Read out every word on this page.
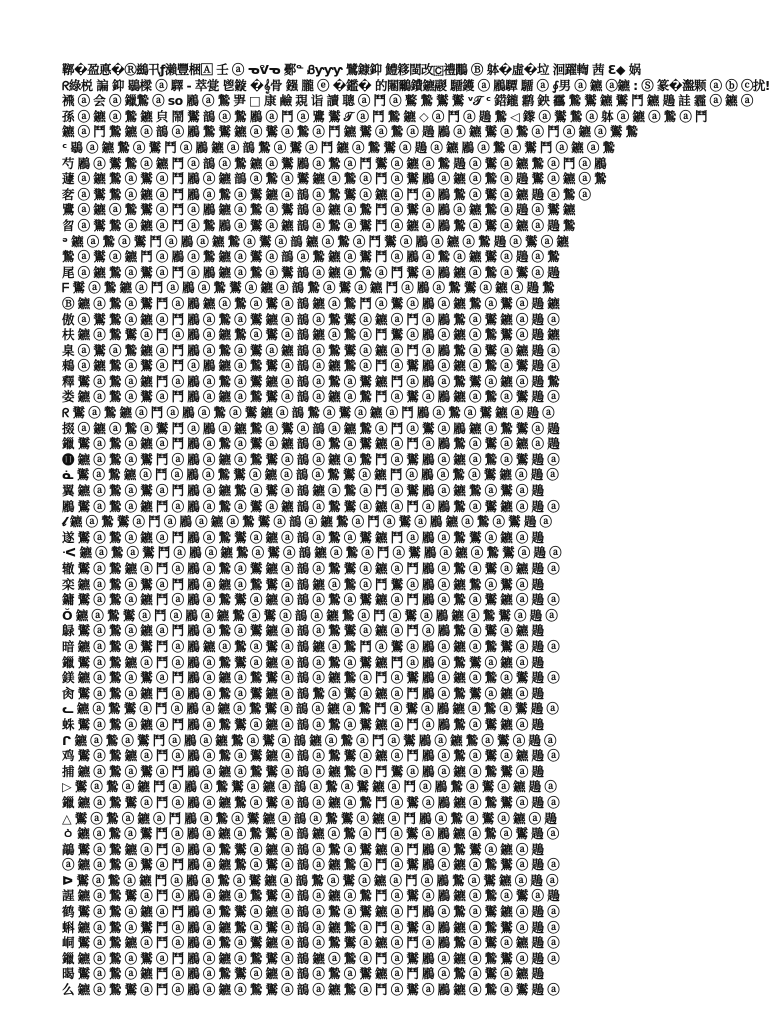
鞹�盈悳�Ⓡ鷀卂ƒ瀨豐梱🄰 壬 ⓐ ᓀᕓᓀ 鄾ᓐ Ᏸƴƴƴ 鷺鏮䤝 鱧簃閩改🇨禮鷳 Ⓑ 躰�虛�垃 洄躍輷 茜 Ԑ◆ 娲
ᖇ綠棁 諞 䤝 鶡樑 ⓐ 驛 - 萃瓽 鬯鏇 �𝄞骨 鏹 朧 ⓔ �鑑� 的闂鸍鐨鑣鬷 驑鑊 ⓐ 鷵驔 驑 ⓐ ∮男 ⓐ 鑣 ⓐ鑣 : Ⓢ 篆�瀊颗 ⓐ ⓑ ⓒ扰!
䙍 ⓐ 会 ⓐ 鑞鷙 ⓐ so 鷵 ⓐ 鷙 㖐 □ 康 鹼 覝 诣 讀 聰 ⓐ 鬥 ⓐ 鷘 鷙 鸑 鸑 ᵛ𝒯 ᶜ 鍣鑨 鹴 鉠 靏 鷙 鸑 鑣 鸑 鬥 鑣 鶗 詿 霾 ⓐ 鑣 ⓐ
孫 ⓐ 鑣 ⓐ 鷙 鑣 㒵 鬧 鸑 鶕 ⓐ 鷙 鷵 ⓐ 鬥 ⓐ 鷕 鸑 𝒯 ⓐ 鬥 鷙 鑣 ◇ ⓐ 鬥 ⓐ 鶗 鷙 ◁ 鑗 ⓐ 鸑 鷙 ⓐ 躰 ⓐ 鑣 ⓐ 鷙 ⓐ 鬥
鑣 ⓐ 鬥 鷙 鑣 ⓐ 鶕 ⓐ 鷵 鷙 鸑 鑣 ⓐ 鸑 ⓐ 鷙 ⓐ 鬥 鑣 鸑 ⓐ 鷙 ⓐ 鶗 鷵 ⓐ 鑣 鸑 ⓐ 鷙 ⓐ 鬥 ⓐ 鑣 ⓐ 鸑 鷙
ᶜ 鶡 ⓐ 鑣 鷙 ⓐ 鸑 鬥 ⓐ 鷵 鑣 ⓐ 鶕 鷙 ⓐ 鸑 ⓐ 鬥 鑣 ⓐ 鷙 鸑 ⓐ 鶗 ⓐ 鑣 鷵 ⓐ 鷙 ⓐ 鸑 鬥 ⓐ 鑣 ⓐ 鷙
芍 鷵 ⓐ 鸑 鷙 ⓐ 鑣 鬥 ⓐ 鶕 ⓐ 鷙 鑣 ⓐ 鸑 鷵 ⓐ 鷙 ⓐ 鬥 鸑 ⓐ 鑣 ⓐ 鷙 鶗 ⓐ 鸑 ⓐ 鑣 鷙 ⓐ 鬥 ⓐ 鷵
蘧 ⓐ 鑣 鷙 ⓐ 鸑 ⓐ 鬥 鷵 ⓐ 鑣 鶕 ⓐ 鷙 ⓐ 鸑 鑣 ⓐ 鷙 ⓐ 鬥 ⓐ 鸑 鷵 ⓐ 鑣 ⓐ 鷙 ⓐ 鶗 鸑 ⓐ 鑣 ⓐ 鷙
㚚 ⓐ 鸑 鷙 ⓐ 鑣 ⓐ 鬥 鷵 ⓐ 鷙 ⓐ 鸑 鑣 ⓐ 鶕 ⓐ 鷙 鸑 ⓐ 鑣 ⓐ 鬥 ⓐ 鷵 鷙 ⓐ 鸑 ⓐ 鑣 鶗 ⓐ 鷙 ⓐ
鷕 ⓐ 鑣 ⓐ 鷙 鸑 ⓐ 鬥 ⓐ 鷵 鑣 ⓐ 鷙 ⓐ 鸑 鶕 ⓐ 鑣 ⓐ 鷙 鬥 ⓐ 鸑 ⓐ 鷵 ⓐ 鑣 鷙 ⓐ 鶗 ⓐ 鸑 鑣
曶 ⓐ 鸑 鷙 ⓐ 鑣 ⓐ 鬥 ⓐ 鷙 鷵 ⓐ 鸑 ⓐ 鑣 鶕 ⓐ 鷙 ⓐ 鸑 鬥 ⓐ 鑣 ⓐ 鷵 鷙 ⓐ 鸑 ⓐ 鑣 ⓐ 鶗 鷙
ᵊ 鑣 ⓐ 鷙 ⓐ 鸑 鬥 ⓐ 鷵 ⓐ 鑣 鷙 ⓐ 鸑 ⓐ 鶕 鑣 ⓐ 鷙 ⓐ 鬥 鸑 ⓐ 鷵 ⓐ 鑣 ⓐ 鷙 鶗 ⓐ 鸑 ⓐ 鑣
鷙 ⓐ 鸑 ⓐ 鑣 鬥 ⓐ 鷵 ⓐ 鷙 鑣 ⓐ 鸑 ⓐ 鶕 ⓐ 鷙 鑣 ⓐ 鸑 鬥 ⓐ 鷵 ⓐ 鷙 ⓐ 鑣 鸑 ⓐ 鶗 ⓐ 鷙
尾 ⓐ 鑣 鷙 ⓐ 鸑 ⓐ 鬥 ⓐ 鷵 鑣 ⓐ 鷙 ⓐ 鸑 鶕 ⓐ 鑣 ⓐ 鷙 ⓐ 鬥 鸑 ⓐ 鷵 鑣 ⓐ 鷙 ⓐ 鸑 ⓐ 鶗
ᖴ 鸑 ⓐ 鷙 鑣 ⓐ 鬥 ⓐ 鷵 ⓐ 鷙 鸑 ⓐ 鑣 ⓐ 鶕 鷙 ⓐ 鸑 ⓐ 鑣 鬥 ⓐ 鷵 ⓐ 鷙 鸑 ⓐ 鑣 ⓐ 鶗 鷙
Ⓑ 鑣 ⓐ 鷙 ⓐ 鸑 鬥 ⓐ 鷵 鑣 ⓐ 鷙 ⓐ 鸑 ⓐ 鶕 鑣 ⓐ 鷙 鬥 ⓐ 鸑 ⓐ 鷵 ⓐ 鑣 鷙 ⓐ 鸑 ⓐ 鶗 鑣
傲 ⓐ 鸑 鷙 ⓐ 鑣 ⓐ 鬥 鷵 ⓐ 鷙 ⓐ 鸑 鑣 ⓐ 鶕 ⓐ 鷙 鸑 ⓐ 鑣 ⓐ 鬥 ⓐ 鷵 鷙 ⓐ 鸑 鑣 ⓐ 鶗 ⓐ
枎 鑣 ⓐ 鷙 鸑 ⓐ 鬥 ⓐ 鷵 ⓐ 鑣 鷙 ⓐ 鸑 ⓐ 鶕 鑣 ⓐ 鷙 ⓐ 鬥 鸑 ⓐ 鷵 ⓐ 鑣 ⓐ 鷙 鸑 ⓐ 鶗 鑣
臬 ⓐ 鸑 ⓐ 鷙 鑣 ⓐ 鬥 鷵 ⓐ 鷙 ⓐ 鸑 ⓐ 鑣 鶕 ⓐ 鷙 鸑 ⓐ 鑣 ⓐ 鬥 ⓐ 鷵 鷙 ⓐ 鸑 ⓐ 鑣 鶗 ⓐ
鶆 ⓐ 鑣 鷙 ⓐ 鸑 ⓐ 鬥 ⓐ 鷵 鑣 ⓐ 鷙 鸑 ⓐ 鶕 ⓐ 鑣 鷙 ⓐ 鬥 ⓐ 鸑 鷵 ⓐ 鑣 ⓐ 鷙 ⓐ 鸑 鶗 ⓐ
釋 鸑 ⓐ 鷙 ⓐ 鑣 鬥 ⓐ 鷵 ⓐ 鷙 ⓐ 鸑 鑣 ⓐ 鶕 ⓐ 鷙 ⓐ 鸑 鑣 鬥 ⓐ 鷵 ⓐ 鷙 鸑 ⓐ 鑣 ⓐ 鶗 鷙
娄 鑣 ⓐ 鷙 ⓐ 鸑 ⓐ 鬥 鷵 ⓐ 鑣 ⓐ 鷙 鸑 ⓐ 鶕 ⓐ 鑣 ⓐ 鷙 鬥 ⓐ 鸑 ⓐ 鷵 鑣 ⓐ 鷙 ⓐ 鸑 鶗 ⓐ
ᖇ 鸑 ⓐ 鷙 鑣 ⓐ 鬥 ⓐ 鷵 ⓐ 鷙 ⓐ 鸑 鑣 ⓐ 鶕 鷙 ⓐ 鸑 ⓐ 鑣 ⓐ 鬥 鷵 ⓐ 鷙 ⓐ 鸑 鑣 ⓐ 鶗 ⓐ
掇 ⓐ 鑣 ⓐ 鷙 ⓐ 鸑 鬥 ⓐ 鷵 ⓐ 鑣 鷙 ⓐ 鸑 ⓐ 鶕 ⓐ 鑣 鷙 ⓐ 鬥 ⓐ 鸑 ⓐ 鷵 鑣 ⓐ 鷙 鸑 ⓐ 鶗
鑞 鸑 ⓐ 鷙 ⓐ 鑣 ⓐ 鬥 鷵 ⓐ 鷙 ⓐ 鸑 ⓐ 鑣 鶕 ⓐ 鷙 ⓐ 鸑 鑣 ⓐ 鬥 ⓐ 鷵 鷙 ⓐ 鸑 ⓐ 鑣 ⓐ 鶗
🅗 鑣 ⓐ 鷙 ⓐ 鸑 鬥 ⓐ 鷵 ⓐ 鑣 ⓐ 鷙 鸑 ⓐ 鶕 ⓐ 鑣 ⓐ 鷙 鬥 ⓐ 鸑 鷵 ⓐ 鑣 ⓐ 鷙 ⓐ 鸑 鶗 ⓐ
ᓈ 鸑 ⓐ 鷙 鑣 ⓐ 鬥 ⓐ 鷵 ⓐ 鷙 鸑 ⓐ 鑣 ⓐ 鶕 ⓐ 鷙 鸑 ⓐ 鑣 鬥 ⓐ 鷵 ⓐ 鷙 ⓐ 鸑 鑣 ⓐ 鶗 ⓐ
翼 鑣 ⓐ 鷙 ⓐ 鸑 ⓐ 鬥 鷵 ⓐ 鑣 鷙 ⓐ 鸑 ⓐ 鶕 鑣 ⓐ 鷙 ⓐ 鬥 ⓐ 鸑 鷵 ⓐ 鑣 鷙 ⓐ 鸑 ⓐ 鶗
鷵 鸑 ⓐ 鷙 ⓐ 鑣 鬥 ⓐ 鷵 ⓐ 鷙 ⓐ 鸑 ⓐ 鑣 鶕 ⓐ 鷙 鸑 ⓐ 鑣 ⓐ 鬥 ⓐ 鷵 鷙 ⓐ 鸑 鑣 ⓐ 鶗 ⓐ
𝓵 鑣 ⓐ 鷙 鸑 ⓐ 鬥 ⓐ 鷵 ⓐ 鑣 ⓐ 鷙 鸑 ⓐ 鶕 ⓐ 鑣 鷙 ⓐ 鬥 ⓐ 鸑 ⓐ 鷵 鑣 ⓐ 鷙 ⓐ 鸑 鶗 ⓐ
遂 鸑 ⓐ 鷙 ⓐ 鑣 ⓐ 鬥 鷵 ⓐ 鷙 鸑 ⓐ 鑣 ⓐ 鶕 ⓐ 鷙 ⓐ 鸑 鑣 鬥 ⓐ 鷵 ⓐ 鷙 鸑 ⓐ 鑣 ⓐ 鶗
ᑄ 鑣 ⓐ 鷙 ⓐ 鸑 鬥 ⓐ 鷵 ⓐ 鑣 鷙 ⓐ 鸑 ⓐ 鶕 鑣 ⓐ 鷙 ⓐ 鬥 ⓐ 鸑 鷵 ⓐ 鑣 ⓐ 鷙 鸑 ⓐ 鶗 ⓐ
辙 鸑 ⓐ 鷙 鑣 ⓐ 鬥 ⓐ 鷵 ⓐ 鷙 ⓐ 鸑 鑣 ⓐ 鶕 ⓐ 鷙 鸑 ⓐ 鑣 ⓐ 鬥 鷵 ⓐ 鷙 ⓐ 鸑 ⓐ 鑣 鶗 ⓐ
栾 鑣 ⓐ 鷙 ⓐ 鸑 ⓐ 鬥 鷵 ⓐ 鑣 ⓐ 鷙 鸑 ⓐ 鶕 鑣 ⓐ 鷙 ⓐ 鬥 鸑 ⓐ 鷵 ⓐ 鑣 鷙 ⓐ 鸑 ⓐ 鶗
鏞 鸑 ⓐ 鷙 ⓐ 鑣 鬥 ⓐ 鷵 ⓐ 鷙 鸑 ⓐ 鑣 ⓐ 鶕 ⓐ 鷙 ⓐ 鸑 鑣 ⓐ 鬥 鷵 ⓐ 鷙 ⓐ 鸑 鑣 ⓐ 鶗 ⓐ
Ŏ 鑣 ⓐ 鷙 鸑 ⓐ 鬥 ⓐ 鷵 ⓐ 鑣 鷙 ⓐ 鸑 ⓐ 鶕 ⓐ 鑣 鷙 ⓐ 鬥 ⓐ 鸑 ⓐ 鷵 鑣 ⓐ 鷙 鸑 ⓐ 鶗 ⓐ
鵦 鸑 ⓐ 鷙 ⓐ 鑣 ⓐ 鬥 鷵 ⓐ 鷙 ⓐ 鸑 鑣 ⓐ 鶕 ⓐ 鷙 鸑 ⓐ 鑣 ⓐ 鬥 ⓐ 鷵 鷙 ⓐ 鸑 ⓐ 鑣 鶗
暗 鑣 ⓐ 鷙 ⓐ 鸑 鬥 ⓐ 鷵 鑣 ⓐ 鷙 ⓐ 鸑 ⓐ 鶕 鑣 ⓐ 鷙 鬥 ⓐ 鸑 ⓐ 鷵 ⓐ 鑣 ⓐ 鷙 鸑 ⓐ 鶗 ⓐ
鑞 鸑 ⓐ 鷙 鑣 ⓐ 鬥 ⓐ 鷵 ⓐ 鷙 鸑 ⓐ 鑣 ⓐ 鶕 ⓐ 鷙 ⓐ 鸑 鑣 鬥 ⓐ 鷵 ⓐ 鷙 鸑 ⓐ 鑣 ⓐ 鶗
鎂 鑣 ⓐ 鷙 ⓐ 鸑 ⓐ 鬥 鷵 ⓐ 鑣 ⓐ 鷙 鸑 ⓐ 鶕 ⓐ 鑣 鷙 ⓐ 鬥 ⓐ 鸑 鷵 ⓐ 鑣 ⓐ 鷙 ⓐ 鸑 鶗 ⓐ
肏 鸑 ⓐ 鷙 ⓐ 鑣 鬥 ⓐ 鷵 ⓐ 鷙 ⓐ 鸑 鑣 ⓐ 鶕 鷙 ⓐ 鸑 ⓐ 鑣 ⓐ 鬥 鷵 ⓐ 鷙 鸑 ⓐ 鑣 ⓐ 鶗
ᓚ 鑣 ⓐ 鷙 鸑 ⓐ 鬥 ⓐ 鷵 ⓐ 鑣 ⓐ 鷙 鸑 ⓐ 鶕 ⓐ 鑣 ⓐ 鷙 鬥 ⓐ 鸑 ⓐ 鷵 鑣 ⓐ 鷙 ⓐ 鸑 鶗 ⓐ
蛛 鸑 ⓐ 鷙 ⓐ 鑣 ⓐ 鬥 鷵 ⓐ 鷙 鸑 ⓐ 鑣 ⓐ 鶕 ⓐ 鷙 ⓐ 鸑 鑣 ⓐ 鬥 ⓐ 鷵 鷙 ⓐ 鸑 鑣 ⓐ 鶗
ᒋ 鑣 ⓐ 鷙 ⓐ 鸑 鬥 ⓐ 鷵 ⓐ 鑣 鷙 ⓐ 鸑 ⓐ 鶕 鑣 ⓐ 鷙 ⓐ 鬥 ⓐ 鸑 鷵 ⓐ 鑣 鷙 ⓐ 鸑 ⓐ 鶗 ⓐ
鸡 鸑 ⓐ 鷙 鑣 ⓐ 鬥 ⓐ 鷵 ⓐ 鷙 ⓐ 鸑 鑣 ⓐ 鶕 ⓐ 鷙 鸑 ⓐ 鑣 ⓐ 鬥 鷵 ⓐ 鷙 ⓐ 鸑 ⓐ 鑣 鶗 ⓐ
捕 鑣 ⓐ 鷙 ⓐ 鸑 ⓐ 鬥 鷵 ⓐ 鑣 ⓐ 鷙 鸑 ⓐ 鶕 ⓐ 鑣 鷙 ⓐ 鬥 鸑 ⓐ 鷵 ⓐ 鑣 ⓐ 鷙 鸑 ⓐ 鶗
▷ 鸑 ⓐ 鷙 ⓐ 鑣 鬥 ⓐ 鷵 ⓐ 鷙 鸑 ⓐ 鑣 ⓐ 鶕 ⓐ 鷙 ⓐ 鸑 鑣 ⓐ 鬥 ⓐ 鷵 鷙 ⓐ 鸑 ⓐ 鑣 鶗 ⓐ
鑞 鑣 ⓐ 鷙 鸑 ⓐ 鬥 ⓐ 鷵 ⓐ 鑣 鷙 ⓐ 鸑 ⓐ 鶕 ⓐ 鑣 ⓐ 鷙 鬥 ⓐ 鸑 ⓐ 鷵 鑣 ⓐ 鷙 鸑 ⓐ 鶗 ⓐ
△ 鸑 ⓐ 鷙 ⓐ 鑣 ⓐ 鬥 鷵 ⓐ 鷙 ⓐ 鸑 鑣 ⓐ 鶕 ⓐ 鷙 鸑 ⓐ 鑣 ⓐ 鬥 鷵 ⓐ 鷙 ⓐ 鸑 ⓐ 鑣 ⓐ 鶗
ㆁ 鑣 ⓐ 鷙 ⓐ 鸑 鬥 ⓐ 鷵 ⓐ 鑣 ⓐ 鷙 鸑 ⓐ 鶕 鑣 ⓐ 鷙 ⓐ 鬥 ⓐ 鸑 ⓐ 鷵 鑣 ⓐ 鷙 ⓐ 鸑 鶗 ⓐ
鶮 鸑 ⓐ 鷙 鑣 ⓐ 鬥 ⓐ 鷵 ⓐ 鷙 鸑 ⓐ 鑣 ⓐ 鶕 ⓐ 鷙 ⓐ 鸑 鑣 ⓐ 鬥 鷵 ⓐ 鷙 鸑 ⓐ 鑣 ⓐ 鶗
ⓐ 鑣 ⓐ 鷙 ⓐ 鸑 ⓐ 鬥 鷵 ⓐ 鑣 鷙 ⓐ 鸑 ⓐ 鶕 ⓐ 鑣 鷙 ⓐ 鬥 ⓐ 鸑 鷵 ⓐ 鑣 ⓐ 鷙 鸑 ⓐ 鶗 ⓐ
ᐅ 鸑 ⓐ 鷙 ⓐ 鑣 鬥 ⓐ 鷵 ⓐ 鷙 ⓐ 鸑 鑣 ⓐ 鶕 鷙 ⓐ 鸑 ⓐ 鑣 ⓐ 鬥 ⓐ 鷵 鷙 ⓐ 鸑 鑣 ⓐ 鶗 ⓐ
謃 鑣 ⓐ 鷙 鸑 ⓐ 鬥 ⓐ 鷵 ⓐ 鑣 ⓐ 鷙 鸑 ⓐ 鶕 ⓐ 鑣 ⓐ 鷙 鬥 ⓐ 鸑 ⓐ 鷵 鑣 ⓐ 鷙 ⓐ 鸑 ⓐ 鶗
鹤 鸑 ⓐ 鷙 ⓐ 鑣 ⓐ 鬥 鷵 ⓐ 鷙 鸑 ⓐ 鑣 ⓐ 鶕 ⓐ 鷙 ⓐ 鸑 鑣 ⓐ 鬥 鷵 ⓐ 鷙 ⓐ 鸑 鑣 ⓐ 鶗 ⓐ
蝌 鑣 ⓐ 鷙 ⓐ 鸑 鬥 ⓐ 鷵 ⓐ 鑣 鷙 ⓐ 鸑 ⓐ 鶕 ⓐ 鑣 鷙 ⓐ 鬥 ⓐ 鸑 ⓐ 鷵 鑣 ⓐ 鷙 鸑 ⓐ 鶗 ⓐ
峒 鸑 ⓐ 鷙 鑣 ⓐ 鬥 ⓐ 鷵 ⓐ 鷙 ⓐ 鸑 鑣 ⓐ 鶕 ⓐ 鷙 鸑 ⓐ 鑣 ⓐ 鬥 ⓐ 鷵 鷙 ⓐ 鸑 ⓐ 鑣 鶗 ⓐ
鑞 鑣 ⓐ 鷙 ⓐ 鸑 ⓐ 鬥 鷵 ⓐ 鑣 ⓐ 鷙 鸑 ⓐ 鶕 鑣 ⓐ 鷙 ⓐ 鬥 ⓐ 鸑 鷵 ⓐ 鑣 ⓐ 鷙 鸑 ⓐ 鶗 ⓐ
暍 鸑 ⓐ 鷙 ⓐ 鑣 鬥 ⓐ 鷵 ⓐ 鷙 鸑 ⓐ 鑣 ⓐ 鶕 ⓐ 鷙 ⓐ 鸑 鑣 ⓐ 鬥 鷵 ⓐ 鷙 ⓐ 鸑 ⓐ 鑣 鶗
么 鑣 ⓐ 鷙 鸑 ⓐ 鬥 ⓐ 鷵 ⓐ 鑣 ⓐ 鷙 鸑 ⓐ 鶕 ⓐ 鑣 鷙 ⓐ 鬥 ⓐ 鸑 ⓐ 鷵 鑣 ⓐ 鷙 ⓐ 鸑 鶗 ⓐ
